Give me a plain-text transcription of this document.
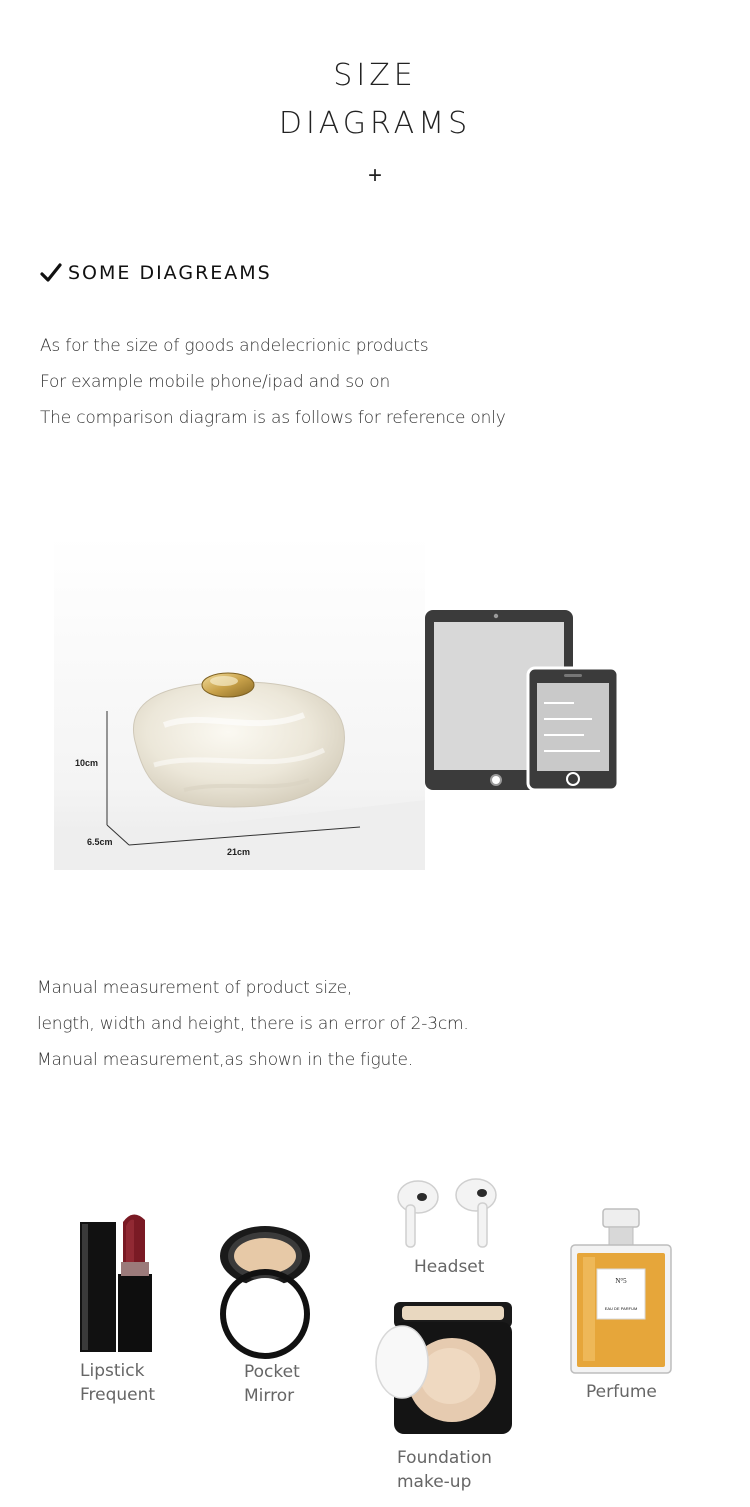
SIZE
DIAGRAMS
+
SOME DIAGREAMS
As for the size of goods andelecrionic products
For example mobile phone/ipad and so on
The comparison diagram is as follows for reference only
10cm
6.5cm
21cm
Manual measurement of product size,
length, width and height, there is an error of 2-3cm.
Manual measurement,as shown in the figute.
Lipstick
Frequent
Pocket
Mirror
Headset
Foundation
make-up
N°5
EAU DE PARFUM
Perfume
